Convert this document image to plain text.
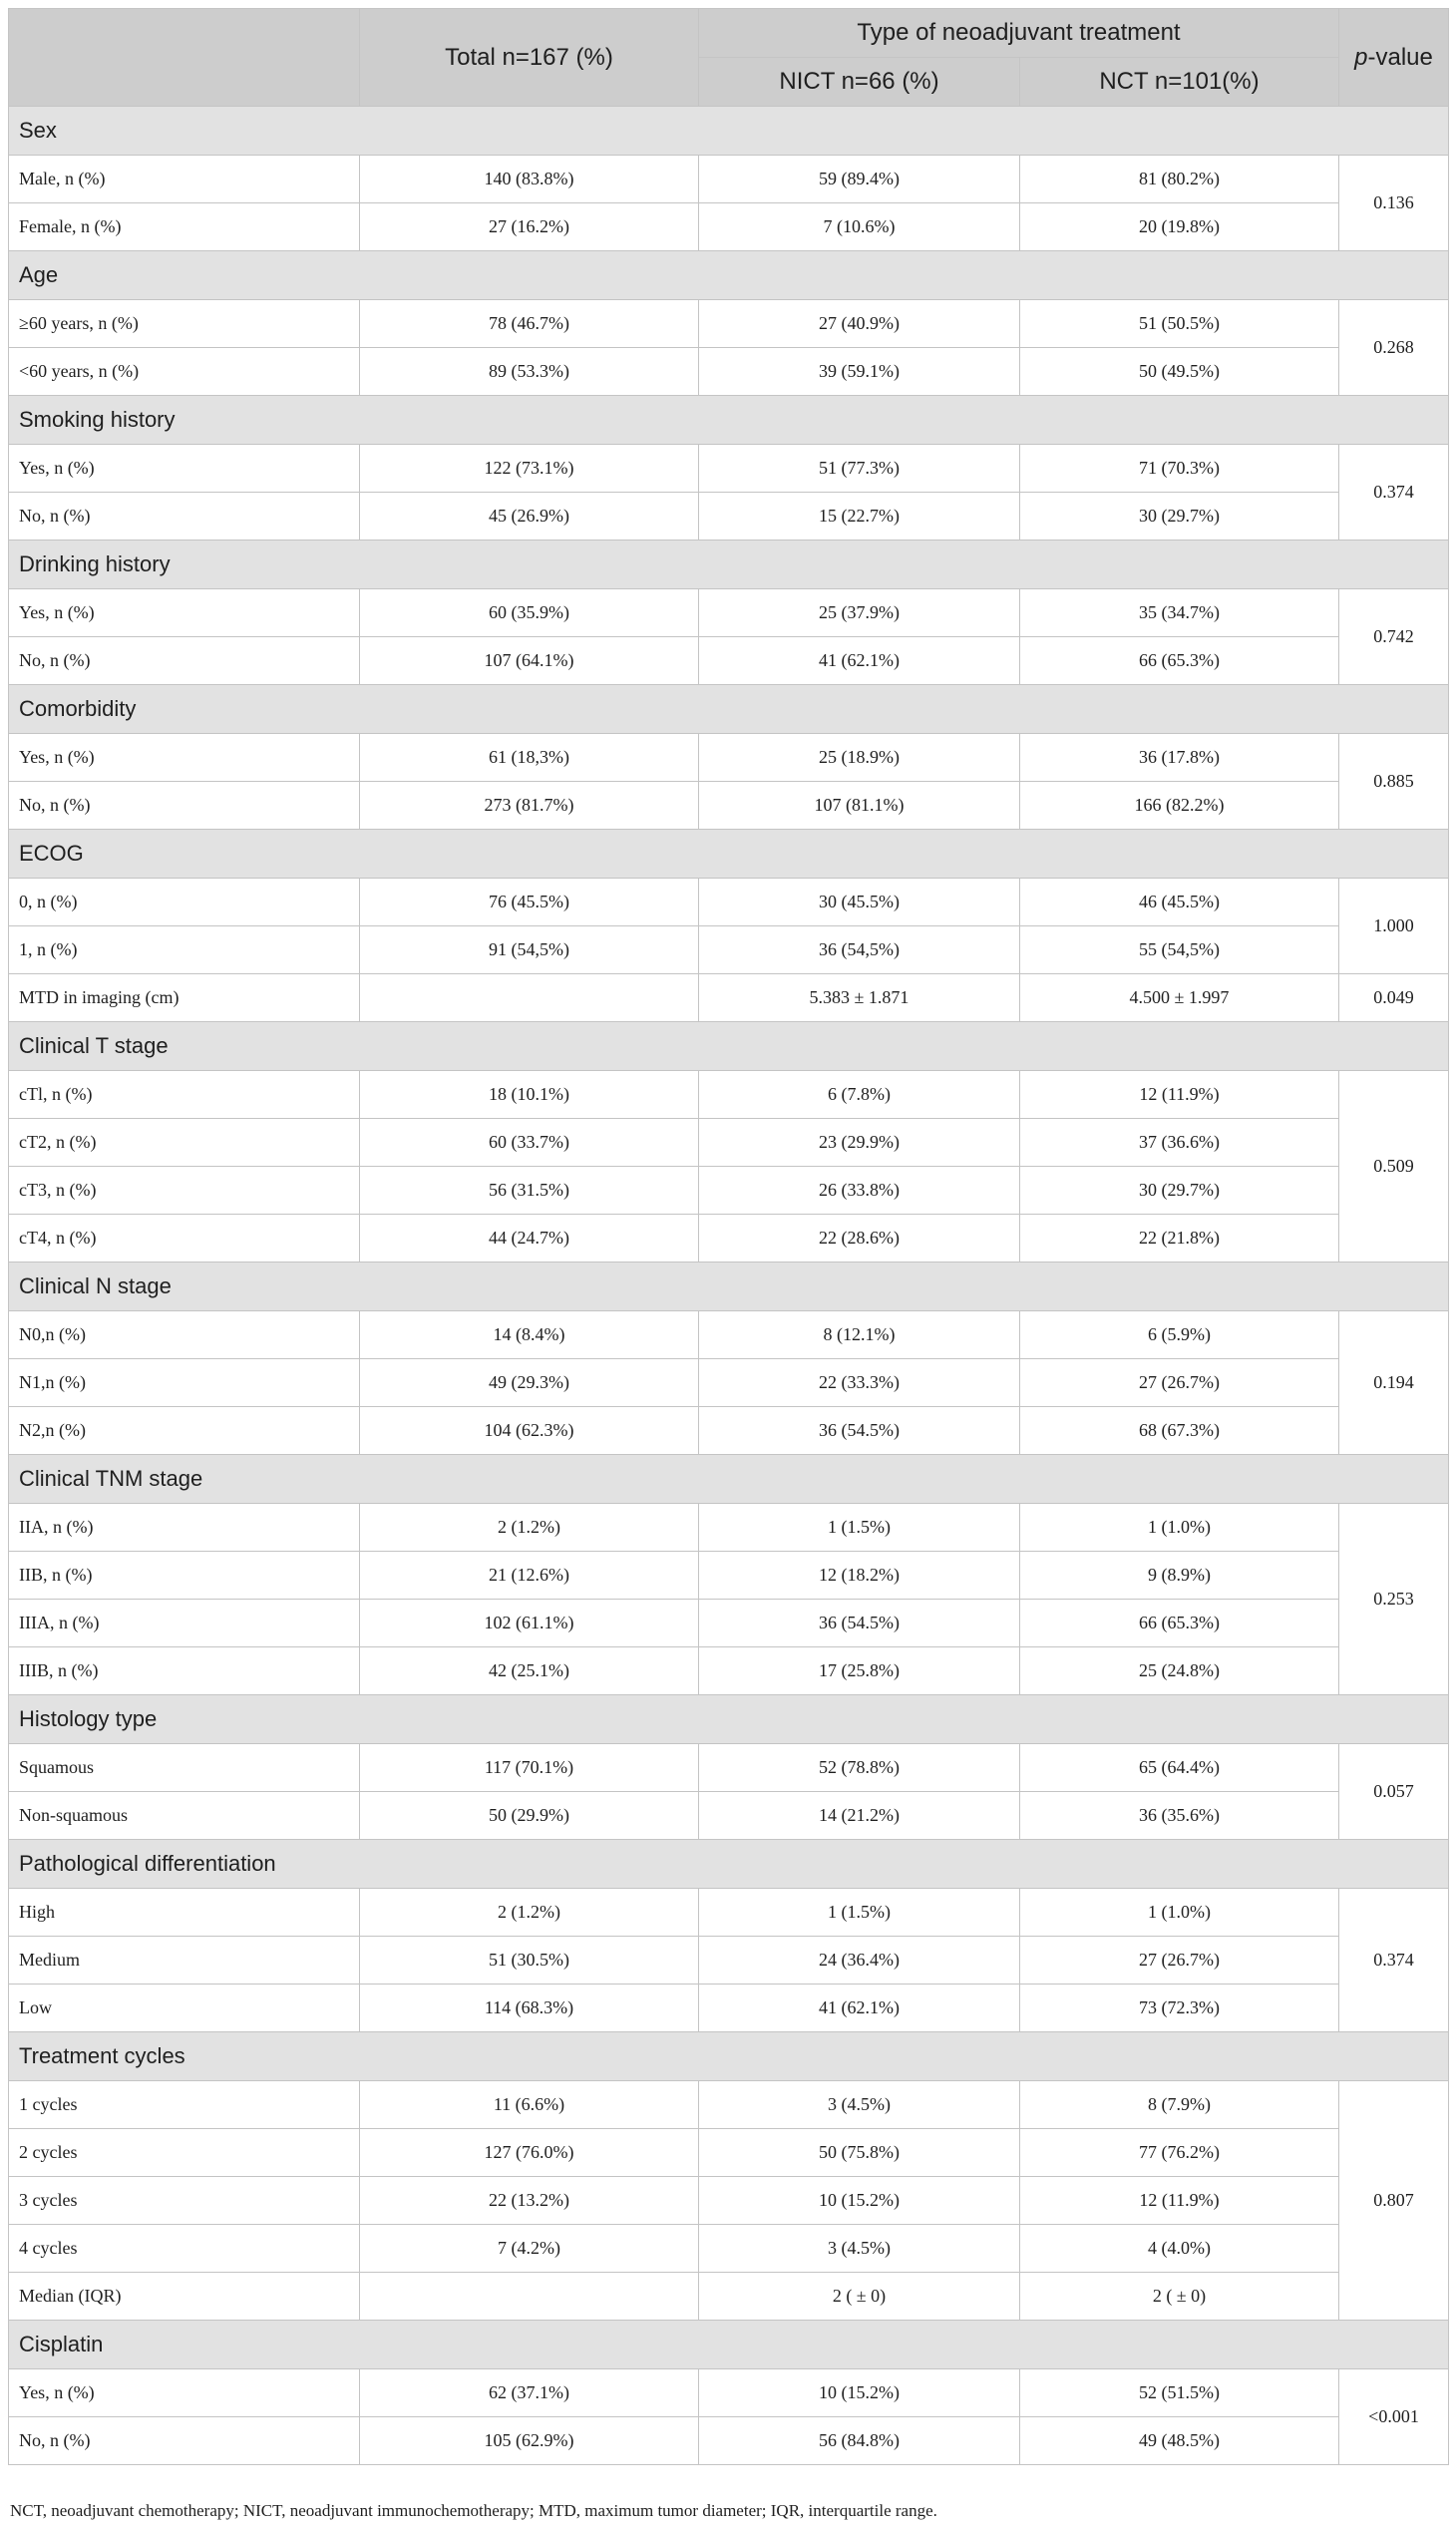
	Total n=167 (%)	Type of neoadjuvant treatment		p-value
		NICT n=66 (%)	NCT n=101(%)	
Sex				
Male, n (%)	140 (83.8%)	59 (89.4%)	81 (80.2%)	0.136
Female, n (%)	27 (16.2%)	7 (10.6%)	20 (19.8%)	
Age				
≥60 years, n (%)	78 (46.7%)	27 (40.9%)	51 (50.5%)	0.268
<60 years, n (%)	89 (53.3%)	39 (59.1%)	50 (49.5%)	
Smoking history				
Yes, n (%)	122 (73.1%)	51 (77.3%)	71 (70.3%)	0.374
No, n (%)	45 (26.9%)	15 (22.7%)	30 (29.7%)	
Drinking history				
Yes, n (%)	60 (35.9%)	25 (37.9%)	35 (34.7%)	0.742
No, n (%)	107 (64.1%)	41 (62.1%)	66 (65.3%)	
Comorbidity				
Yes, n (%)	61 (18,3%)	25 (18.9%)	36 (17.8%)	0.885
No, n (%)	273 (81.7%)	107 (81.1%)	166 (82.2%)	
ECOG				
0, n (%)	76 (45.5%)	30 (45.5%)	46 (45.5%)	1.000
1, n (%)	91 (54,5%)	36 (54,5%)	55 (54,5%)	
MTD in imaging (cm)		5.383 ± 1.871	4.500 ± 1.997	0.049
Clinical T stage				
cTl, n (%)	18 (10.1%)	6 (7.8%)	12 (11.9%)	0.509
cT2, n (%)	60 (33.7%)	23 (29.9%)	37 (36.6%)	
cT3, n (%)	56 (31.5%)	26 (33.8%)	30 (29.7%)	
cT4, n (%)	44 (24.7%)	22 (28.6%)	22 (21.8%)	
Clinical N stage				
N0,n (%)	14 (8.4%)	8 (12.1%)	6 (5.9%)	0.194
N1,n (%)	49 (29.3%)	22 (33.3%)	27 (26.7%)	
N2,n (%)	104 (62.3%)	36 (54.5%)	68 (67.3%)	
Clinical TNM stage				
IIA, n (%)	2 (1.2%)	1 (1.5%)	1 (1.0%)	0.253
IIB, n (%)	21 (12.6%)	12 (18.2%)	9 (8.9%)	
IIIA, n (%)	102 (61.1%)	36 (54.5%)	66 (65.3%)	
IIIB, n (%)	42 (25.1%)	17 (25.8%)	25 (24.8%)	
Histology type				
Squamous	117 (70.1%)	52 (78.8%)	65 (64.4%)	0.057
Non-squamous	50 (29.9%)	14 (21.2%)	36 (35.6%)	
Pathological differentiation				
High	2 (1.2%)	1 (1.5%)	1 (1.0%)	0.374
Medium	51 (30.5%)	24 (36.4%)	27 (26.7%)	
Low	114 (68.3%)	41 (62.1%)	73 (72.3%)	
Treatment cycles				
1 cycles	11 (6.6%)	3 (4.5%)	8 (7.9%)	0.807
2 cycles	127 (76.0%)	50 (75.8%)	77 (76.2%)	
3 cycles	22 (13.2%)	10 (15.2%)	12 (11.9%)	
4 cycles	7 (4.2%)	3 (4.5%)	4 (4.0%)	
Median (IQR)		2 ( ± 0)	2 ( ± 0)	
Cisplatin				
Yes, n (%)	62 (37.1%)	10 (15.2%)	52 (51.5%)	<0.001
No, n (%)	105 (62.9%)	56 (84.8%)	49 (48.5%)	
NCT, neoadjuvant chemotherapy; NICT, neoadjuvant immunochemotherapy; MTD, maximum tumor diameter; IQR, interquartile range.
